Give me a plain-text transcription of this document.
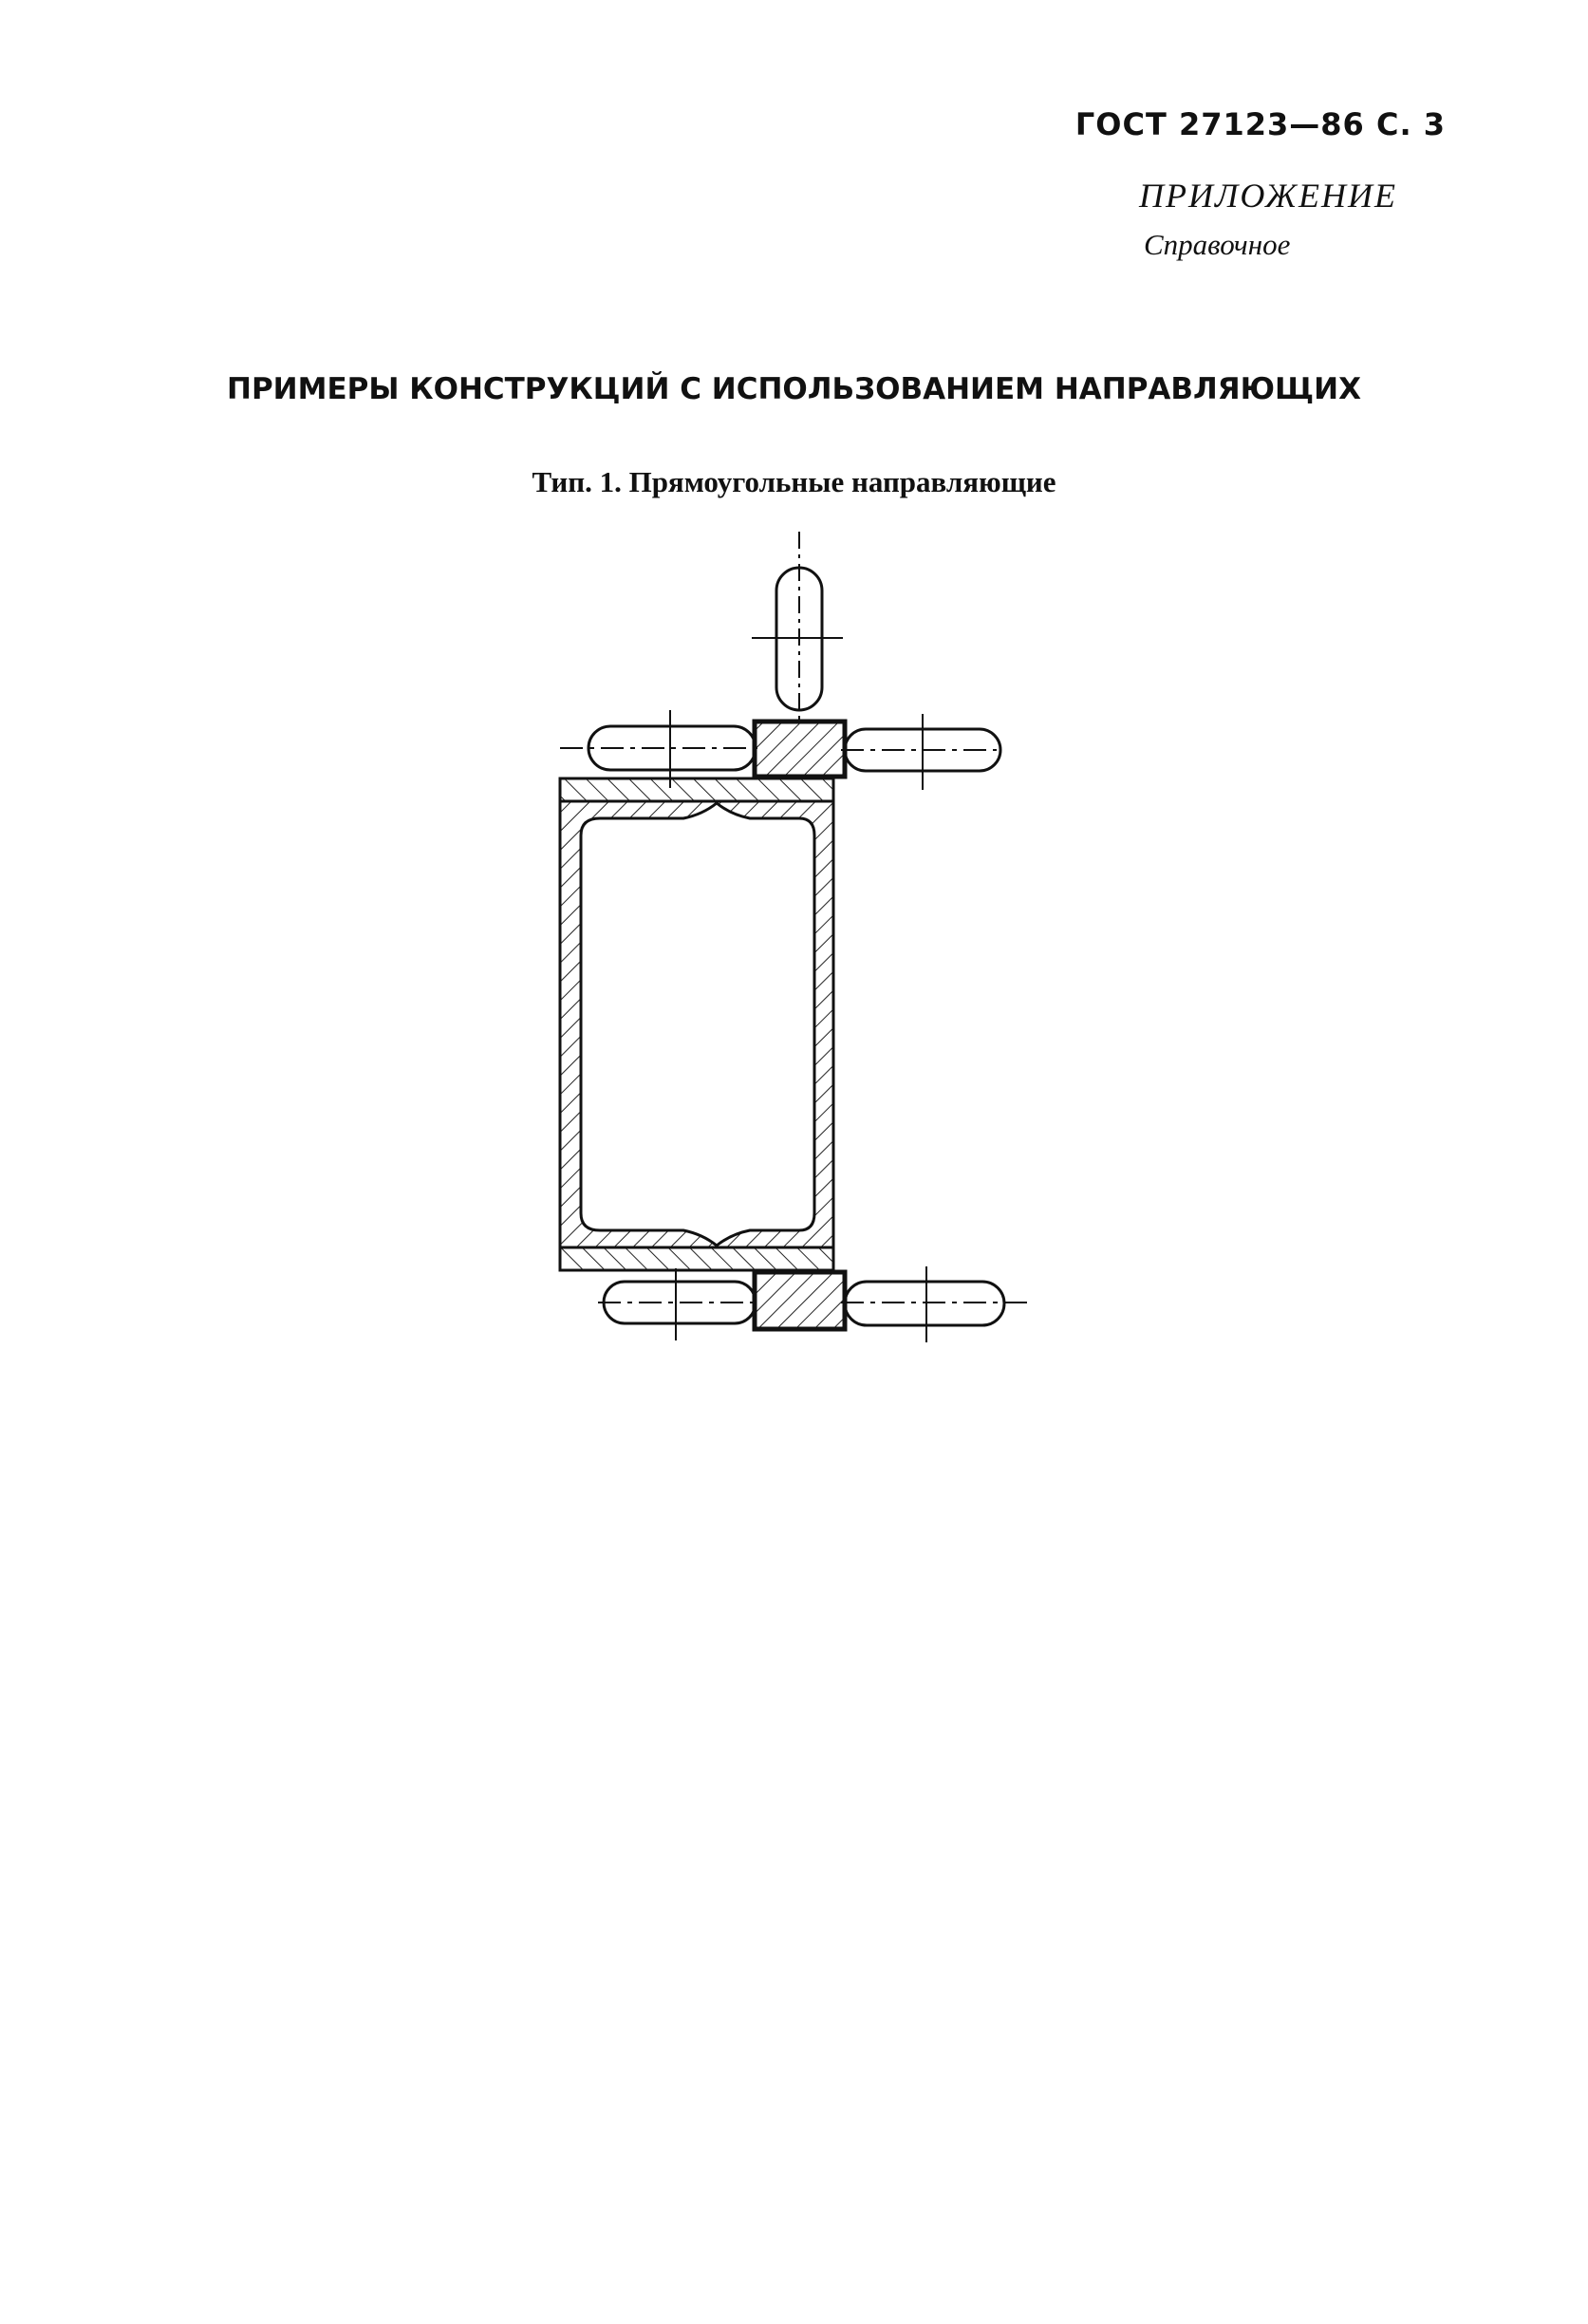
ГОСТ 27123—86 С. 3
ПРИЛОЖЕНИЕ
Справочное
ПРИМЕРЫ КОНСТРУКЦИЙ С ИСПОЛЬЗОВАНИЕМ НАПРАВЛЯЮЩИХ
Тип. 1. Прямоугольные направляющие
